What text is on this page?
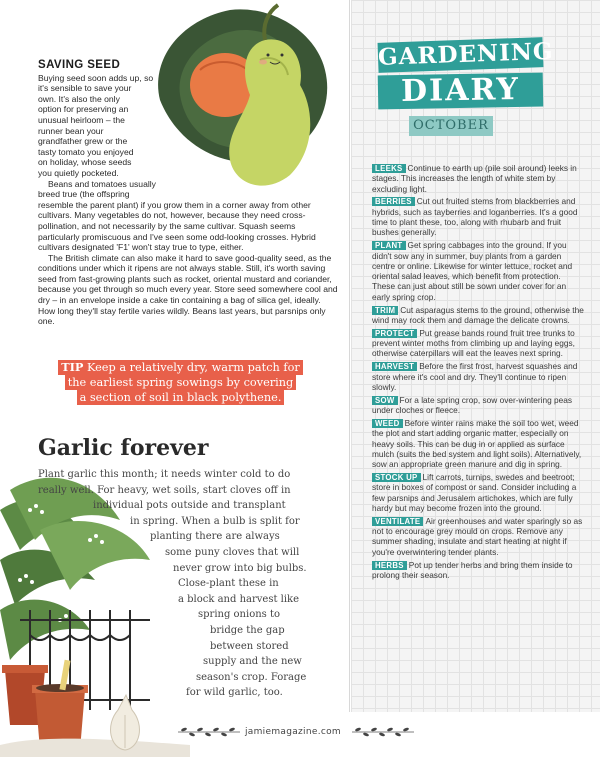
SAVING SEED
Buying seed soon adds up, so
it's sensible to save your
own. It's also the only
option for preserving an
unusual heirloom – the
runner bean your
grandfather grew or the
tasty tomato you enjoyed
on holiday, whose seeds
you quietly pocketed.
Beans and tomatoes usually
breed true (the offspring

resemble the parent plant) if you grow them in a corner away from other cultivars. Many vegetables do not, however, because they need cross-pollination, and not necessarily by the same cultivar. Squash seems particularly promiscuous and I've seen some odd-looking crosses. Hybrid cultivars designated 'F1' won't stay true to type, either.

The British climate can also make it hard to save good-quality seed, as the conditions under which it ripens are not always stable. Still, it's worth saving seed from fast-growing plants such as rocket, oriental mustard and coriander, because you get through so much every year. Store seed somewhere cool and dry – in an envelope inside a cake tin containing a bag of silica gel, ideally. How long they'll stay fertile varies wildly. Beans last years, but parsnips only one.

TIP Keep a relatively dry, warm patch for
the earliest spring sowings by covering
a section of soil in black polythene.
Garlic forever
Plant garlic this month; it needs winter cold to do
really well. For heavy, wet soils, start cloves off in
individual pots outside and transplant
in spring. When a bulb is split for
planting there are always
some puny cloves that will
never grow into big bulbs.
Close-plant these in
a block and harvest like
spring onions to
bridge the gap
between stored
supply and the new
season's crop. Forage
for wild garlic, too.
GARDENING
DIARY
OCTOBER
LEEKS Continue to earth up (pile soil around) leeks in stages. This increases the length of white stem by excluding light.
BERRIES Cut out fruited stems from blackberries and hybrids, such as tayberries and loganberries. It's a good time to plant these, too, along with rhubarb and fruit bushes generally.
PLANT Get spring cabbages into the ground. If you didn't sow any in summer, buy plants from a garden centre or online. Likewise for winter lettuce, rocket and oriental salad leaves, which benefit from protection. These can just about still be sown under cover for an early spring crop.
TRIM Cut asparagus stems to the ground, otherwise the wind may rock them and damage the delicate crowns.
PROTECT Put grease bands round fruit tree trunks to prevent winter moths from climbing up and laying eggs, otherwise caterpillars will eat the leaves next spring.
HARVEST Before the first frost, harvest squashes and store where it's cool and dry. They'll continue to ripen slowly.
SOW For a late spring crop, sow over-wintering peas under cloches or fleece.
WEED Before winter rains make the soil too wet, weed the plot and start adding organic matter, especially on heavy soils. This can be dug in or applied as surface mulch (suits the bed system and light soils). Alternatively, sow an appropriate green manure and dig in spring.
STOCK UP Lift carrots, turnips, swedes and beetroot; store in boxes of compost or sand. Consider including a few parsnips and Jerusalem artichokes, which are fully hardy but may become frozen into the ground.
VENTILATE Air greenhouses and water sparingly so as not to encourage grey mould on crops. Remove any summer shading, insulate and start heating at night if you're overwintering tender plants.
HERBS Pot up tender herbs and bring them inside to prolong their season.
jamiemagazine.com
